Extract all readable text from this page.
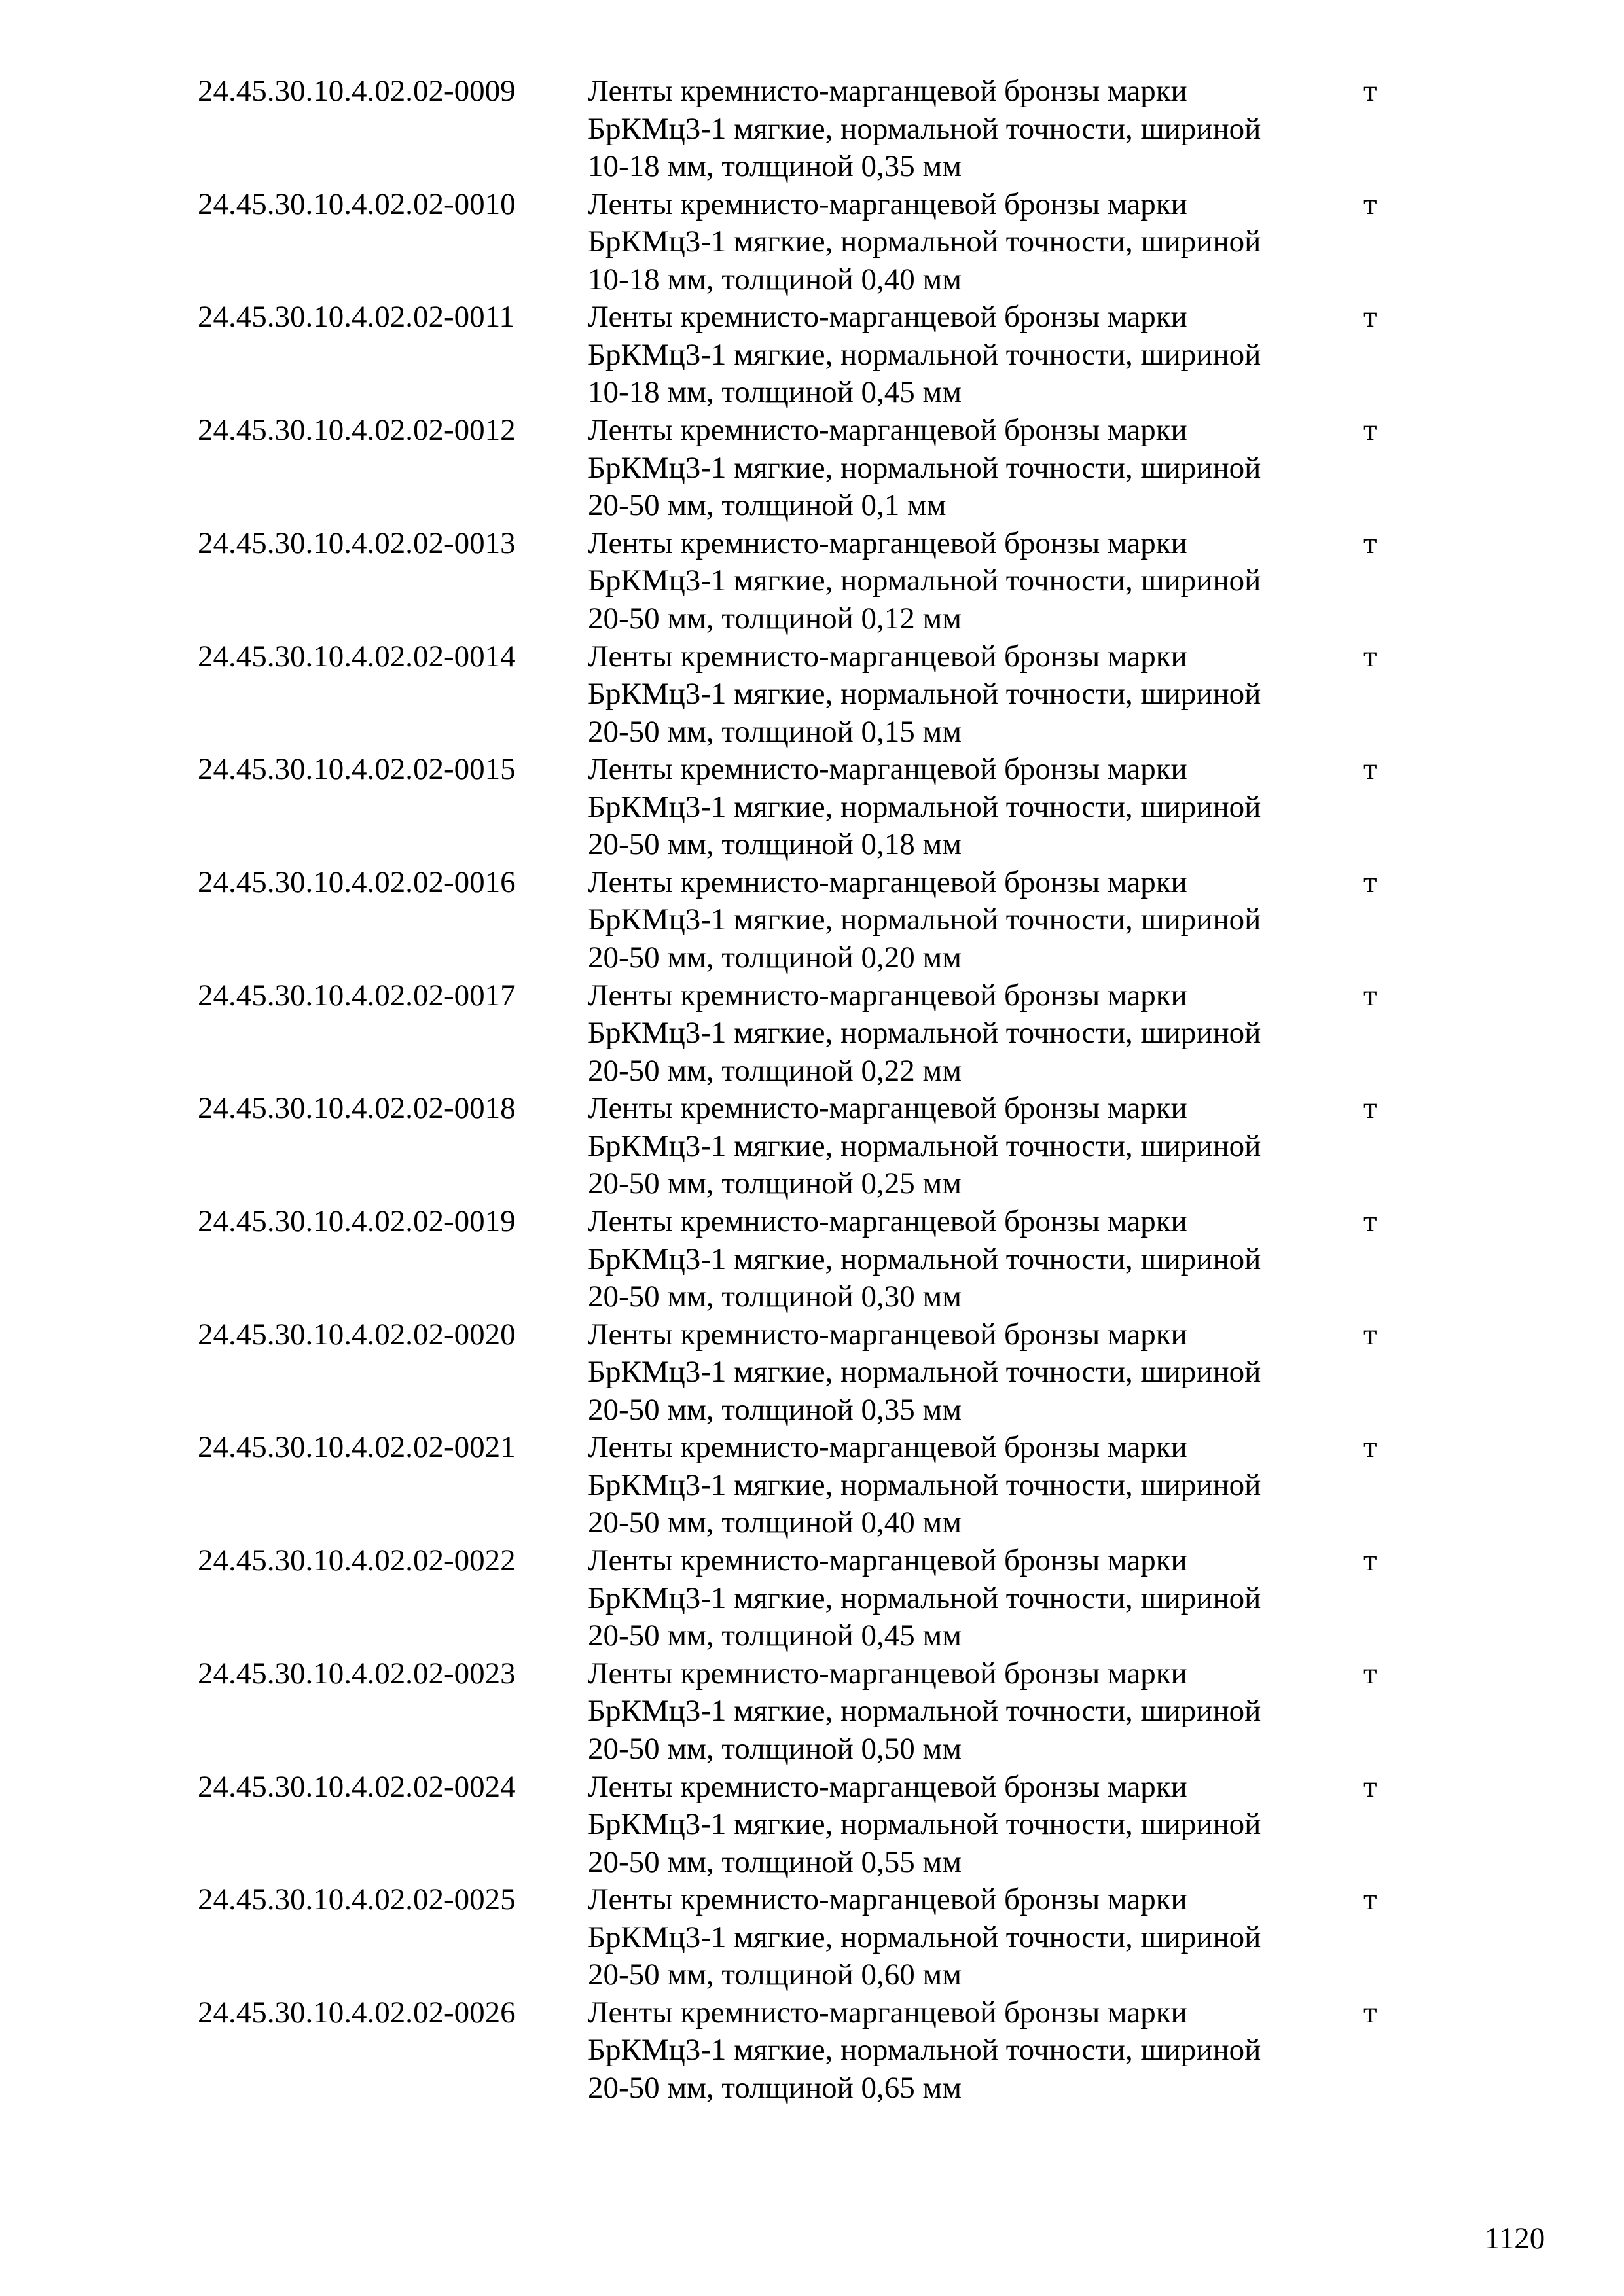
24.45.30.10.4.02.02-0009 Ленты кремнисто-марганцевой бронзы марки
БрКМц3-1 мягкие, нормальной точности, шириной
10-18 мм, толщиной 0,35 мм
т
24.45.30.10.4.02.02-0010 Ленты кремнисто-марганцевой бронзы марки
БрКМц3-1 мягкие, нормальной точности, шириной
10-18 мм, толщиной 0,40 мм
т
24.45.30.10.4.02.02-0011 Ленты кремнисто-марганцевой бронзы марки
БрКМц3-1 мягкие, нормальной точности, шириной
10-18 мм, толщиной 0,45 мм
т
24.45.30.10.4.02.02-0012 Ленты кремнисто-марганцевой бронзы марки
БрКМц3-1 мягкие, нормальной точности, шириной
20-50 мм, толщиной 0,1 мм
т
24.45.30.10.4.02.02-0013 Ленты кремнисто-марганцевой бронзы марки
БрКМц3-1 мягкие, нормальной точности, шириной
20-50 мм, толщиной 0,12 мм
т
24.45.30.10.4.02.02-0014 Ленты кремнисто-марганцевой бронзы марки
БрКМц3-1 мягкие, нормальной точности, шириной
20-50 мм, толщиной 0,15 мм
т
24.45.30.10.4.02.02-0015 Ленты кремнисто-марганцевой бронзы марки
БрКМц3-1 мягкие, нормальной точности, шириной
20-50 мм, толщиной 0,18 мм
т
24.45.30.10.4.02.02-0016 Ленты кремнисто-марганцевой бронзы марки
БрКМц3-1 мягкие, нормальной точности, шириной
20-50 мм, толщиной 0,20 мм
т
24.45.30.10.4.02.02-0017 Ленты кремнисто-марганцевой бронзы марки
БрКМц3-1 мягкие, нормальной точности, шириной
20-50 мм, толщиной 0,22 мм
т
24.45.30.10.4.02.02-0018 Ленты кремнисто-марганцевой бронзы марки
БрКМц3-1 мягкие, нормальной точности, шириной
20-50 мм, толщиной 0,25 мм
т
24.45.30.10.4.02.02-0019 Ленты кремнисто-марганцевой бронзы марки
БрКМц3-1 мягкие, нормальной точности, шириной
20-50 мм, толщиной 0,30 мм
т
24.45.30.10.4.02.02-0020 Ленты кремнисто-марганцевой бронзы марки
БрКМц3-1 мягкие, нормальной точности, шириной
20-50 мм, толщиной 0,35 мм
т
24.45.30.10.4.02.02-0021 Ленты кремнисто-марганцевой бронзы марки
БрКМц3-1 мягкие, нормальной точности, шириной
20-50 мм, толщиной 0,40 мм
т
24.45.30.10.4.02.02-0022 Ленты кремнисто-марганцевой бронзы марки
БрКМц3-1 мягкие, нормальной точности, шириной
20-50 мм, толщиной 0,45 мм
т
24.45.30.10.4.02.02-0023 Ленты кремнисто-марганцевой бронзы марки
БрКМц3-1 мягкие, нормальной точности, шириной
20-50 мм, толщиной 0,50 мм
т
24.45.30.10.4.02.02-0024 Ленты кремнисто-марганцевой бронзы марки
БрКМц3-1 мягкие, нормальной точности, шириной
20-50 мм, толщиной 0,55 мм
т
24.45.30.10.4.02.02-0025 Ленты кремнисто-марганцевой бронзы марки
БрКМц3-1 мягкие, нормальной точности, шириной
20-50 мм, толщиной 0,60 мм
т
24.45.30.10.4.02.02-0026 Ленты кремнисто-марганцевой бронзы марки
БрКМц3-1 мягкие, нормальной точности, шириной
20-50 мм, толщиной 0,65 мм
т
1120
